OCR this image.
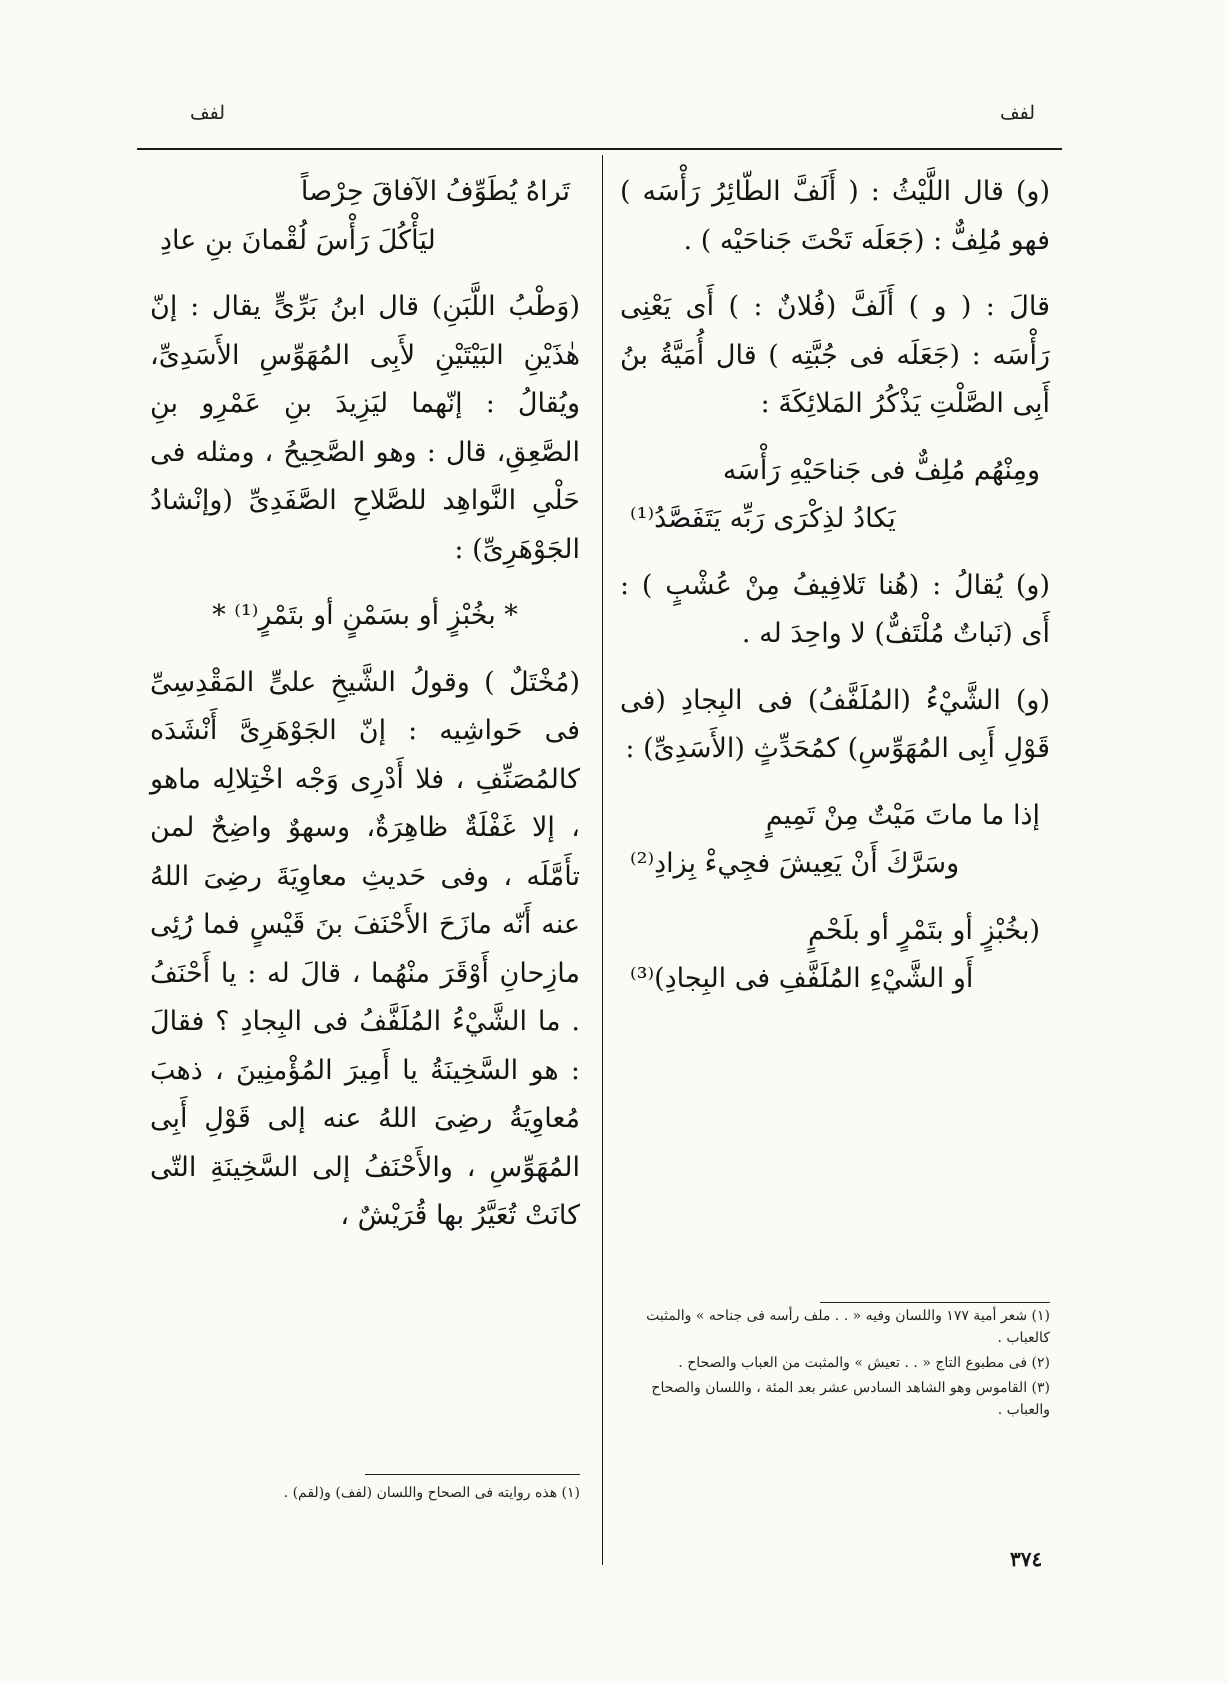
لفف
لفف

(و) قال اللَّيْثُ : ( أَلَفَّ الطّائِرُ رَأْسَه ) فهو مُلِفٌّ : (جَعَلَه تَحْتَ جَناحَيْه ) .

قالَ : ( و ) أَلَفَّ (فُلانٌ : ) أَى يَعْنِى رَأْسَه : (جَعَلَه فى جُبَّتِه ) قال أُمَيَّةُ بنُ أَبِى الصَّلْتِ يَذْكُرُ المَلائِكَةَ :

ومِنْهُم مُلِفٌّ فى جَناحَيْهِ رَأْسَه

يَكادُ لذِكْرَى رَبِّه يَتَفَصَّدُ⁽¹⁾

(و) يُقالُ : (هُنا تَلافِيفُ مِنْ عُشْبٍ ) : أَى (نَباتٌ مُلْتَفٌّ) لا واحِدَ له .

(و) الشَّيْءُ (المُلَفَّفُ) فى البِجادِ (فى قَوْلِ أَبِى المُهَوِّسِ) كمُحَدِّثٍ (الأَسَدِىِّ) :

إذا ما ماتَ مَيْتٌ مِنْ تَمِيمٍ

وسَرَّكَ أَنْ يَعِيشَ فجِيءْ بِزادِ⁽²⁾

(بخُبْزٍ أو بتَمْرٍ أو بلَحْمٍ

أَو الشَّيْءِ المُلَفَّفِ فى البِجادِ)⁽³⁾

(١) شعر أمية ١٧٧ واللسان وفيه « . . ملف رأسه فى جناحه » والمثبت كالعباب .

(٢) فى مطبوع التاج « . . تعيش » والمثبت من العباب والصحاح .

(٣) القاموس وهو الشاهد السادس عشر بعد المئة ، واللسان والصحاح والعباب .

تَراهُ يُطَوِّفُ الآفاقَ حِرْصاً

ليَأْكُلَ رَأْسَ لُقْمانَ بنِ عادِ

(وَطْبُ اللَّبَنِ) قال ابنُ بَرِّىٍّ يقال : إنّ هٰذَيْنِ البَيْتَيْنِ لأَبِى المُهَوِّسِ الأَسَدِىِّ، ويُقالُ : إنّهما ليَزِيدَ بنِ عَمْرِو بنِ الصَّعِقِ، قال : وهو الصَّحِيحُ ، ومثله فى حَلْىِ النَّواهِد للصَّلاحِ الصَّفَدِىِّ (وإنْشادُ الجَوْهَرِىِّ) :

* بخُبْزٍ أو بسَمْنٍ أو بتَمْرٍ⁽¹⁾ *

(مُخْتَلٌ ) وقولُ الشَّيخِ علىٍّ المَقْدِسِىِّ فى حَواشِيه : إنّ الجَوْهَرِىَّ أَنْشَدَه كالمُصَنِّفِ ، فلا أَدْرِى وَجْه اخْتِلالِه ماهو ، إلا غَفْلَةٌ ظاهِرَةٌ، وسهوٌ واضِحٌ لمن تأَمَّلَه ، وفى حَديثِ معاوِيَةَ رضِىَ اللهُ عنه أَنّه مازَحَ الأَحْنَفَ بنَ قَيْسٍ فما رُئِى مازِحانِ أَوْقَرَ منْهُما ، قالَ له : يا أَحْنَفُ . ما الشَّيْءُ المُلَفَّفُ فى البِجادِ ؟ فقالَ : هو السَّخِينَةُ يا أَمِيرَ المُؤْمنِينَ ، ذهبَ مُعاوِيَةُ رضِىَ اللهُ عنه إلى قَوْلِ أَبِى المُهَوِّسِ ، والأَحْنَفُ إلى السَّخِينَةِ التّى كانَتْ تُعَيَّرُ بها قُرَيْشٌ ،

(١) هذه روايته فى الصحاح واللسان (لفف) و(لقم) .

٣٧٤
